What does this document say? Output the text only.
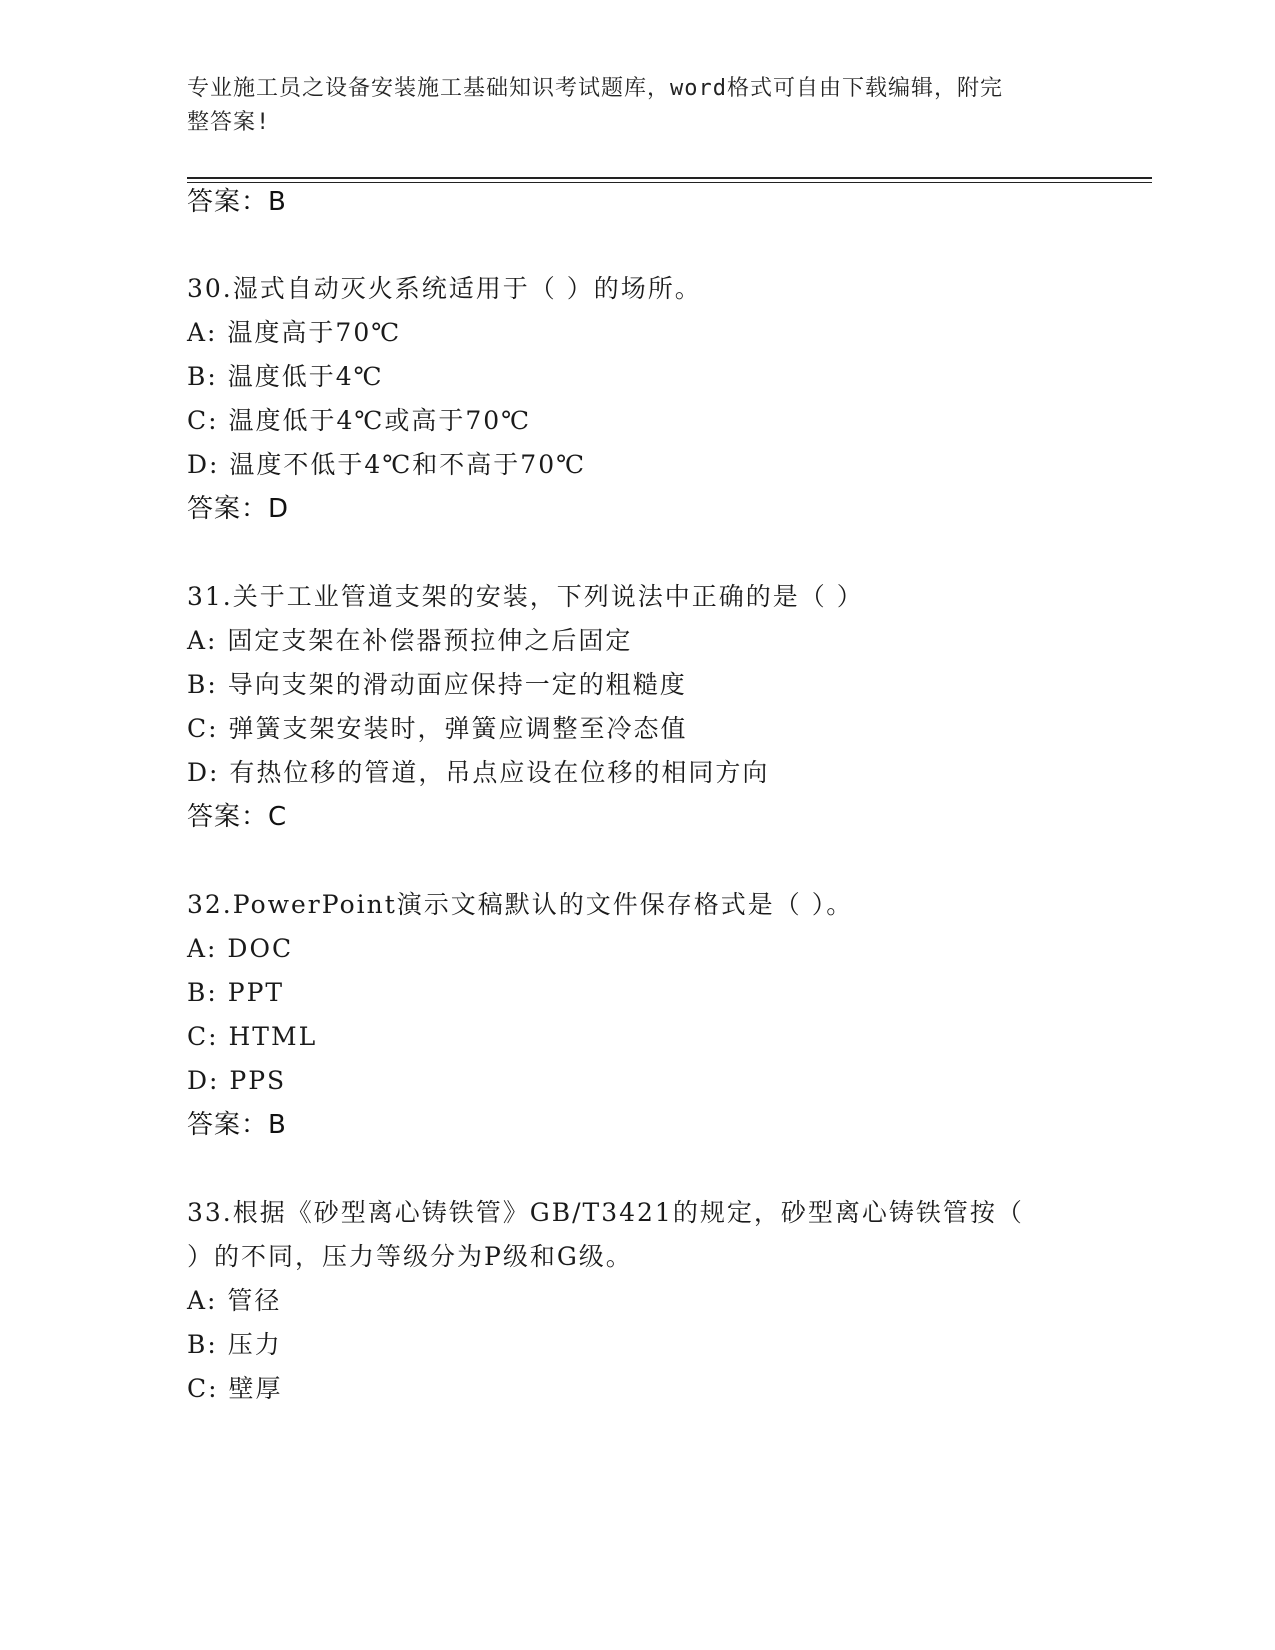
专业施工员之设备安装施工基础知识考试题库，word格式可自由下载编辑，附完
整答案!
答案：B
30.湿式自动灭火系统适用于（ ）的场所。
A: 温度高于70℃
B: 温度低于4℃
C: 温度低于4℃或高于70℃
D: 温度不低于4℃和不高于70℃
答案：D
31.关于工业管道支架的安装，下列说法中正确的是（ ）
A: 固定支架在补偿器预拉伸之后固定
B: 导向支架的滑动面应保持一定的粗糙度
C: 弹簧支架安装时，弹簧应调整至冷态值
D: 有热位移的管道，吊点应设在位移的相同方向
答案：C
32.PowerPoint演示文稿默认的文件保存格式是（ ）。
A: DOC
B: PPT
C: HTML
D: PPS
答案：B
33.根据《砂型离心铸铁管》GB/T3421的规定，砂型离心铸铁管按（
）的不同，压力等级分为P级和G级。
A: 管径
B: 压力
C: 壁厚
